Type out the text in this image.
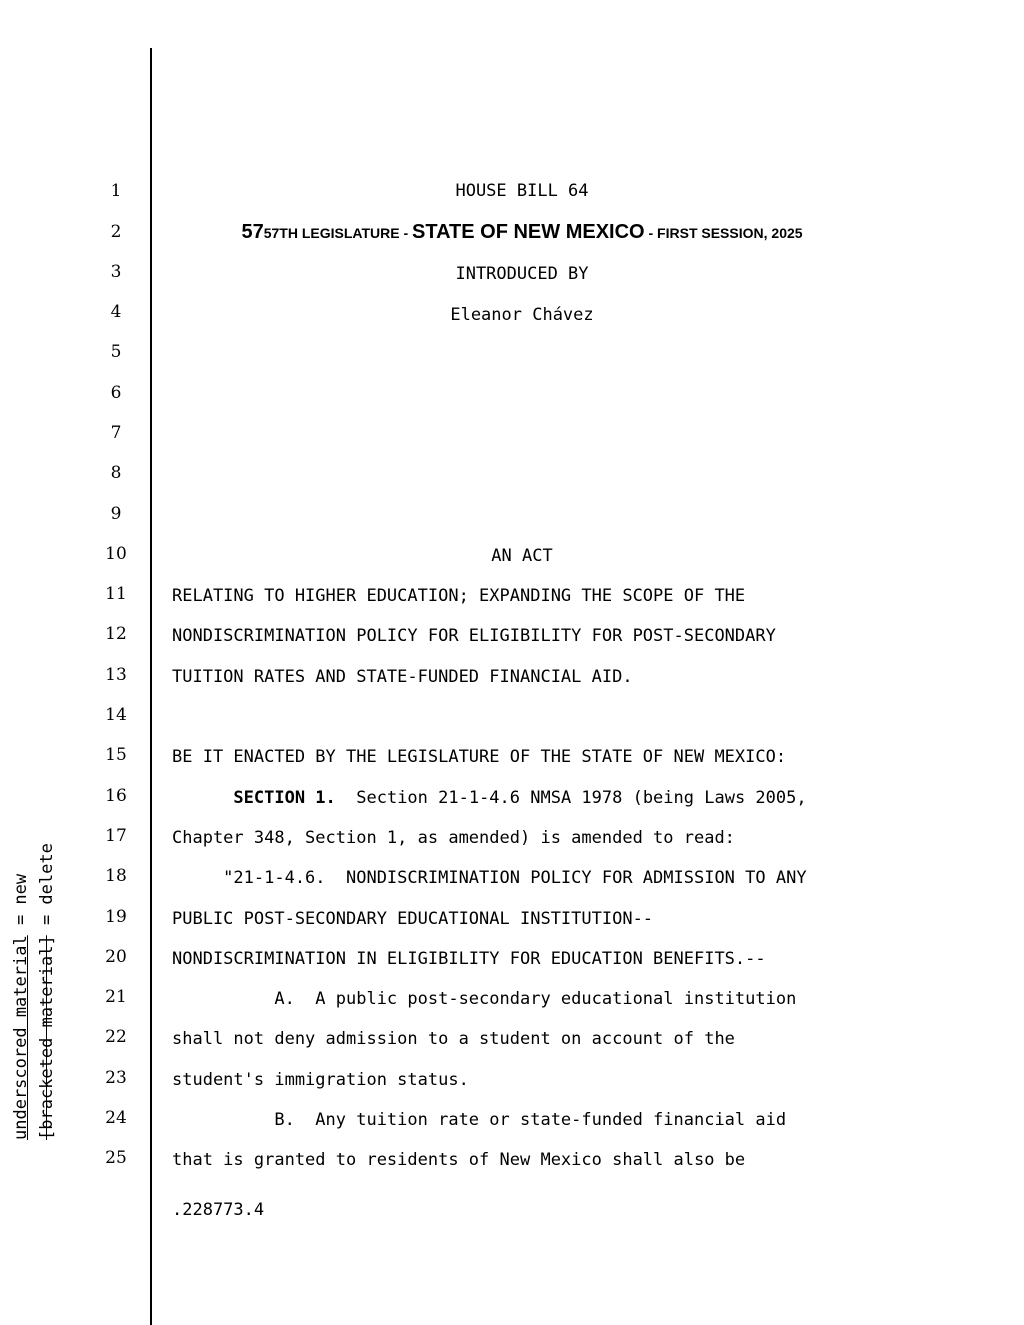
1
2
3
4
5
6
7
8
9
10
11
12
13
14
15
16
17
18
19
20
21
22
23
24
25
HOUSE BILL 64
5757TH LEGISLATURE - STATE OF NEW MEXICO - FIRST SESSION, 2025
INTRODUCED BY
Eleanor Chávez
AN ACT
RELATING TO HIGHER EDUCATION; EXPANDING THE SCOPE OF THE
NONDISCRIMINATION POLICY FOR ELIGIBILITY FOR POST-SECONDARY
TUITION RATES AND STATE-FUNDED FINANCIAL AID.
BE IT ENACTED BY THE LEGISLATURE OF THE STATE OF NEW MEXICO:
SECTION 1.  Section 21-1-4.6 NMSA 1978 (being Laws 2005,
Chapter 348, Section 1, as amended) is amended to read:
"21-1-4.6.  NONDISCRIMINATION POLICY FOR ADMISSION TO ANY
PUBLIC POST-SECONDARY EDUCATIONAL INSTITUTION--
NONDISCRIMINATION IN ELIGIBILITY FOR EDUCATION BENEFITS.--
A.  A public post-secondary educational institution
shall not deny admission to a student on account of the
student's immigration status.
B.  Any tuition rate or state-funded financial aid
that is granted to residents of New Mexico shall also be
.228773.4
underscored material = new
[bracketed material] = delete
